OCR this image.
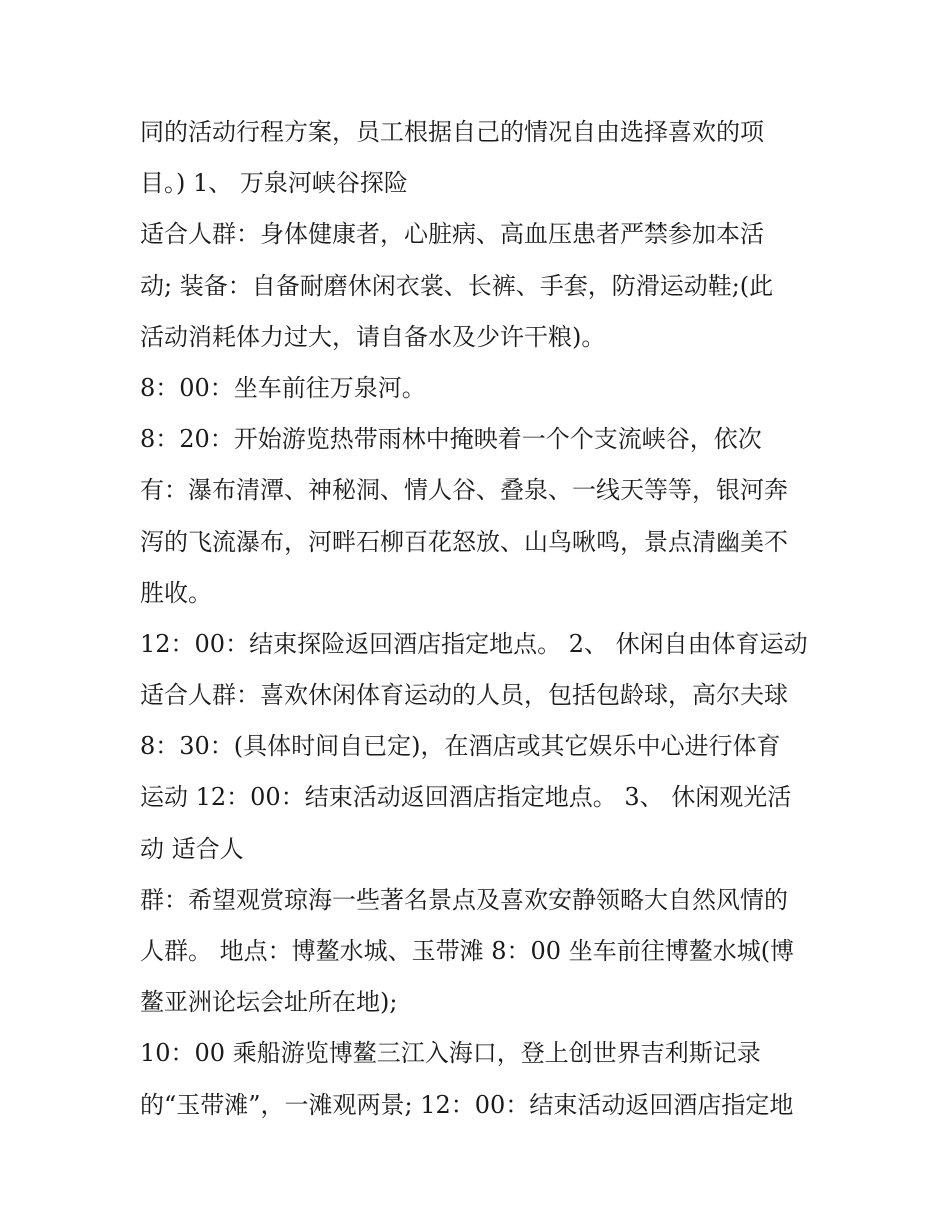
同的活动行程方案，员工根据自己的情况自由选择喜欢的项
目。) 1、 万泉河峡谷探险
适合人群：身体健康者，心脏病、高血压患者严禁参加本活
动; 装备：自备耐磨休闲衣裳、长裤、手套，防滑运动鞋;(此
活动消耗体力过大，请自备水及少许干粮)。
8：00：坐车前往万泉河。
8：20：开始游览热带雨林中掩映着一个个支流峡谷，依次
有：瀑布清潭、神秘洞、情人谷、叠泉、一线天等等，银河奔
泻的飞流瀑布，河畔石柳百花怒放、山鸟啾鸣，景点清幽美不
胜收。
12：00：结束探险返回酒店指定地点。 2、 休闲自由体育运动
适合人群：喜欢休闲体育运动的人员，包括包龄球，高尔夫球
8：30：(具体时间自已定)，在酒店或其它娱乐中心进行体育
运动 12：00：结束活动返回酒店指定地点。 3、 休闲观光活
动 适合人
群：希望观赏琼海一些著名景点及喜欢安静领略大自然风情的
人群。 地点：博鳌水城、玉带滩 8：00 坐车前往博鳌水城(博
鳌亚洲论坛会址所在地);
10：00 乘船游览博鳌三江入海口，登上创世界吉利斯记录
的“玉带滩”，一滩观两景; 12：00：结束活动返回酒店指定地
